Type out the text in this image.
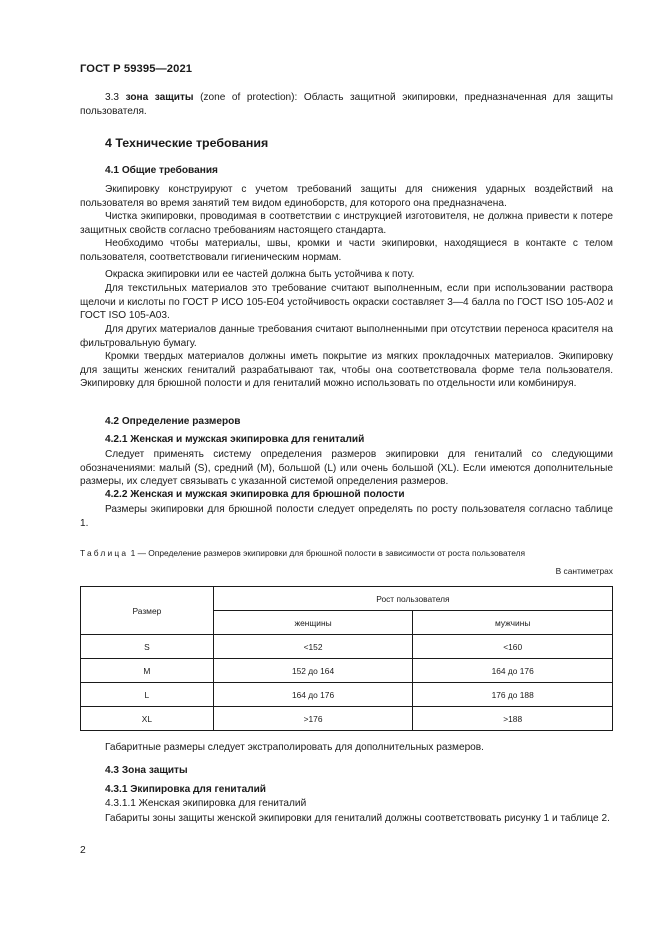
ГОСТ Р 59395—2021
3.3 зона защиты (zone of protection): Область защитной экипировки, предназначенная для защиты пользователя.
4 Технические требования
4.1 Общие требования
Экипировку конструируют с учетом требований защиты для снижения ударных воздействий на пользователя во время занятий тем видом единоборств, для которого она предназначена.
Чистка экипировки, проводимая в соответствии с инструкцией изготовителя, не должна привести к потере защитных свойств согласно требованиям настоящего стандарта.
Необходимо чтобы материалы, швы, кромки и части экипировки, находящиеся в контакте с телом пользователя, соответствовали гигиеническим нормам.
Окраска экипировки или ее частей должна быть устойчива к поту.
Для текстильных материалов это требование считают выполненным, если при использовании раствора щелочи и кислоты по ГОСТ Р ИСО 105-Е04 устойчивость окраски составляет 3—4 балла по ГОСТ ISO 105-А02 и ГОСТ ISO 105-А03.
Для других материалов данные требования считают выполненными при отсутствии переноса красителя на фильтровальную бумагу.
Кромки твердых материалов должны иметь покрытие из мягких прокладочных материалов. Экипировку для защиты женских гениталий разрабатывают так, чтобы она соответствовала форме тела пользователя. Экипировку для брюшной полости и для гениталий можно использовать по отдельности или комбинируя.
4.2 Определение размеров
4.2.1 Женская и мужская экипировка для гениталий
Следует применять систему определения размеров экипировки для гениталий со следующими обозначениями: малый (S), средний (M), большой (L) или очень большой (XL). Если имеются дополнительные размеры, их следует связывать с указанной системой определения размеров.
4.2.2 Женская и мужская экипировка для брюшной полости
Размеры экипировки для брюшной полости следует определять по росту пользователя согласно таблице 1.
Таблица 1 — Определение размеров экипировки для брюшной полости в зависимости от роста пользователя
В сантиметрах
Размер	Рост пользователя	
	женщины	мужчины
S	<152	<160
M	152 до 164	164 до 176
L	164 до 176	176 до 188
XL	>176	>188
Габаритные размеры следует экстраполировать для дополнительных размеров.
4.3 Зона защиты
4.3.1 Экипировка для гениталий
4.3.1.1 Женская экипировка для гениталий
Габариты зоны защиты женской экипировки для гениталий должны соответствовать рисунку 1 и таблице 2.
2
